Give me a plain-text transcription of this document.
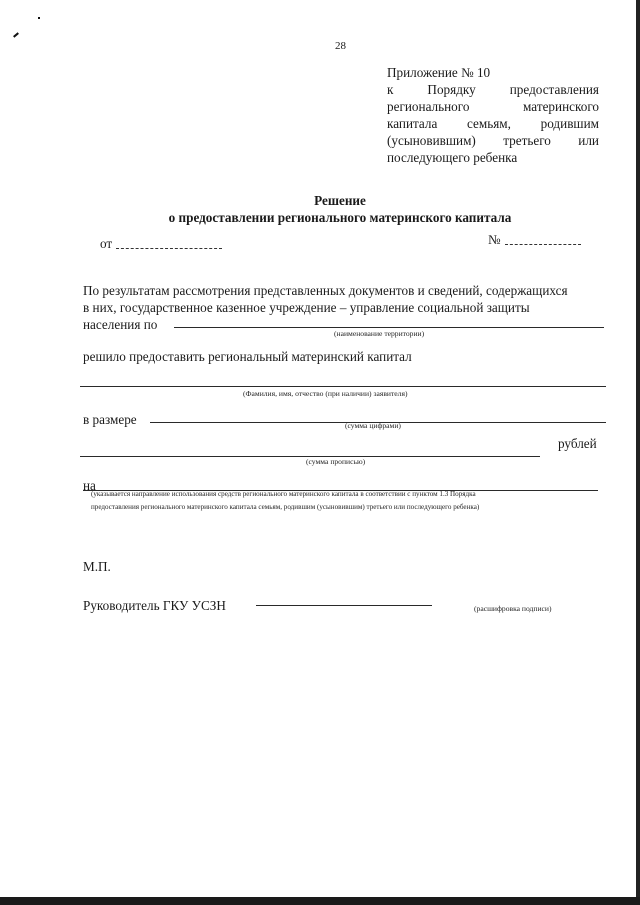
28
Приложение № 10
к	Порядку	предоставления
регионального	материнского
капитала семьям, родившим
(усыновившим) третьего или
последующего ребенка
Решение
о предоставлении регионального материнского капитала
от	№
По результатам рассмотрения представленных документов и сведений, содержащихся
в них, государственное казенное учреждение – управление социальной защиты
населения по
(наименование территории)
решило предоставить региональный материнский капитал
(Фамилия, имя, отчество (при наличии) заявителя)
в размере	(сумма цифрами)
рублей
(сумма прописью)
на
(указывается направление использования средств регионального материнского капитала в соответствии с пунктом 1.3 Порядка
предоставления регионального материнского капитала семьям, родившим (усыновившим) третьего или последующего ребенка)
М.П.
Руководитель ГКУ УСЗН	(расшифровка подписи)
